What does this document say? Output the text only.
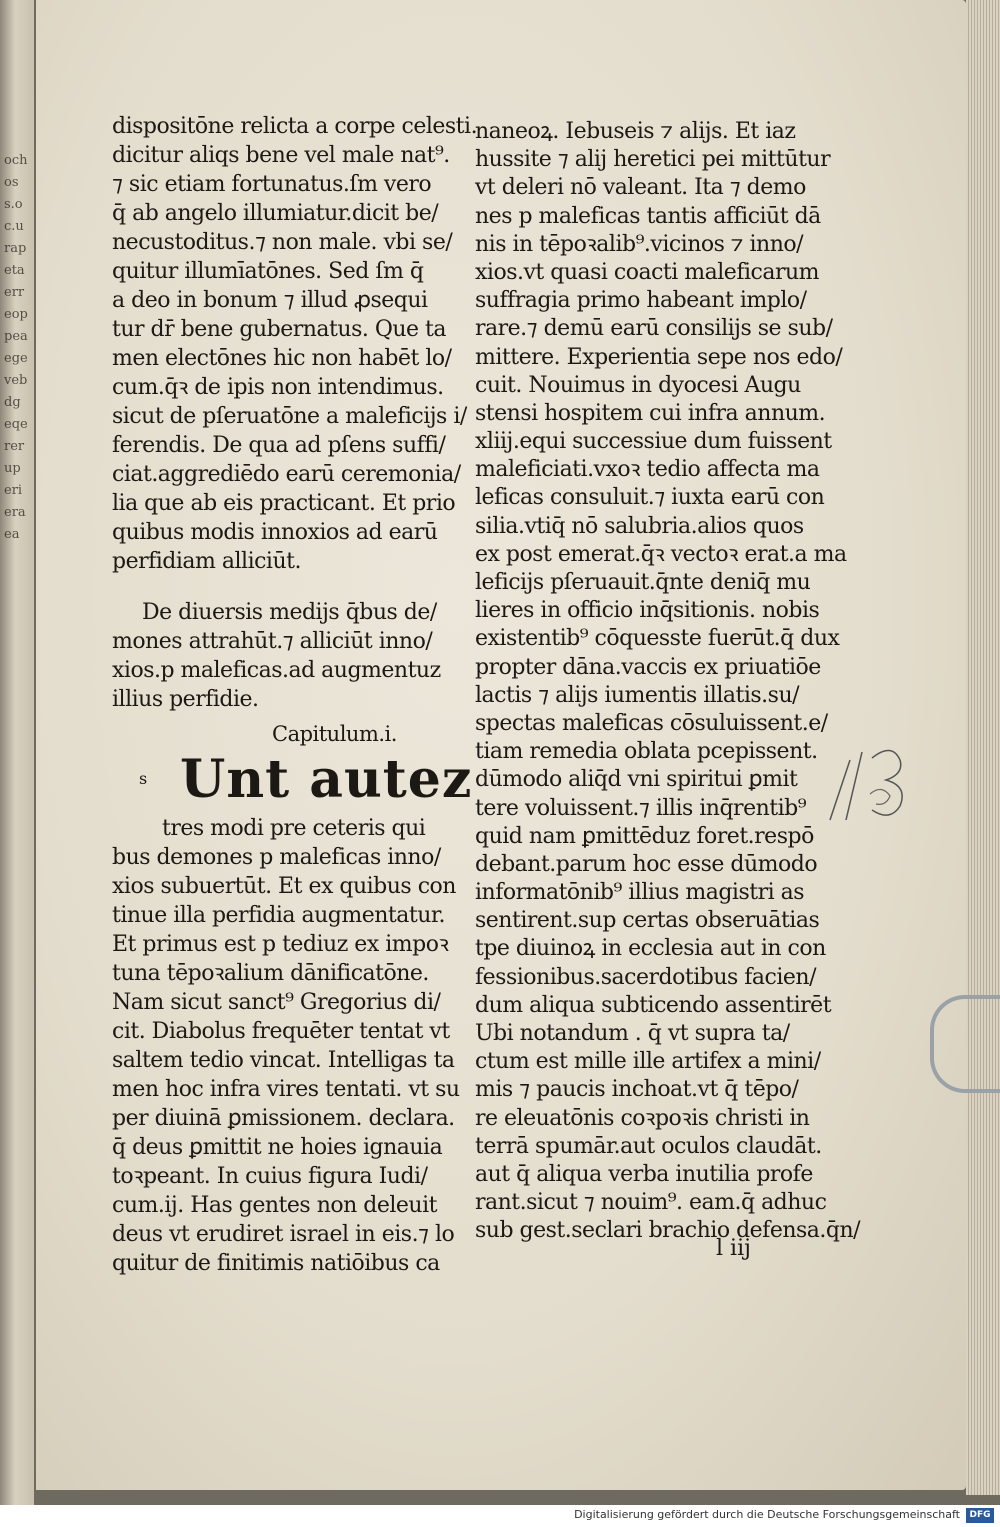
ochoss.oc.urapetaerreoppeaegevebdgeqereruperieraea
dispositōne relicta a corpe celesti.
dicitur aliqs bene vel male nat⁹.
⁊ sic etiam fortunatus.ſm vero
q̄ ab angelo illumiatur.dicit be/
necustoditus.⁊ non male. vbi se/
quitur illumīatōnes. Sed ſm q̄
a deo in bonum ⁊ illud ꝓsequi
tur dr̄ bene gubernatus. Que ta
men electōnes hic non habēt lo/
cum.q̄ꝛ de ipis non intendimus.
sicut de pſeruatōne a maleficijs i/
ferendis. De qua ad pſens suffi/
ciat.aggrediēdo earū ceremonia/
lia que ab eis practicant. Et prio
quibus modis innoxios ad earū
perfidiam alliciūt.
De diuersis medijs q̄bus de/
mones attrahūt.⁊ alliciūt inno/
xios.p maleficas.ad augmentuz
illius perfidie.
Capitulum.i.
s Unt autez
tres modi pre ceteris qui
bus demones p maleficas inno/
xios subuertūt. Et ex quibus con
tinue illa perfidia augmentatur.
Et primus est p tediuz ex impoꝛ
tuna tēpoꝛalium dānificatōne.
Nam sicut sanct⁹ Gregorius di/
cit. Diabolus frequēter tentat vt
saltem tedio vincat. Intelligas ta
men hoc infra vires tentati. vt su
per diuinā ꝑmissionem. declara.
q̄ deus ꝑmittit ne hoies ignauia
toꝛpeant. In cuius figura Iudi/
cum.ij. Has gentes non deleuit
deus vt erudiret israel in eis.⁊ lo
quitur de finitimis natiōibus ca
naneoꝝ. Iebuseis ⁊ alijs. Et iaz
hussite ⁊ alij heretici pei mittūtur
vt deleri nō valeant. Ita ⁊ demo
nes p maleficas tantis afficiūt dā
nis in tēpoꝛalib⁹.vicinos ⁊ inno/
xios.vt quasi coacti maleficarum
suffragia primo habeant implo/
rare.⁊ demū earū consilijs se sub/
mittere. Experientia sepe nos edo/
cuit. Nouimus in dyocesi Augu
stensi hospitem cui infra annum.
xliij.equi successiue dum fuissent
maleficiati.vxoꝛ tedio affecta ma
leficas consuluit.⁊ iuxta earū con
silia.vtiq̄ nō salubria.alios quos
ex post emerat.q̄ꝛ vectoꝛ erat.a ma
leficijs pſeruauit.q̄nte deniq̄ mu
lieres in officio inq̄sitionis. nobis
existentib⁹ cōquesste fuerūt.q̄ dux
propter dāna.vaccis ex priuatiōe
lactis ⁊ alijs iumentis illatis.su/
spectas maleficas cōsuluissent.e/
tiam remedia oblata pcepissent.
dūmodo aliq̄d vni spiritui ꝑmit
tere voluissent.⁊ illis inq̄rentib⁹
quid nam ꝑmittēduz foret.respō
debant.parum hoc esse dūmodo
informatōnib⁹ illius magistri as
sentirent.sup certas obseruātias
tpe diuinoꝝ in ecclesia aut in con
fessionibus.sacerdotibus facien/
dum aliqua subticendo assentirēt
Ubi notandum . q̄ vt supra ta/
ctum est mille ille artifex a mini/
mis ⁊ paucis inchoat.vt q̄ tēpo/
re eleuatōnis coꝛpoꝛis christi in
terrā spumār.aut oculos claudāt.
aut q̄ aliqua verba inutilia profe
rant.sicut ⁊ nouim⁹. eam.q̄ adhuc
sub gest.seclari brachio defensa.q̄n/
l iij
Digitalisierung gefördert durch die Deutsche Forschungsgemeinschaft	DFG
